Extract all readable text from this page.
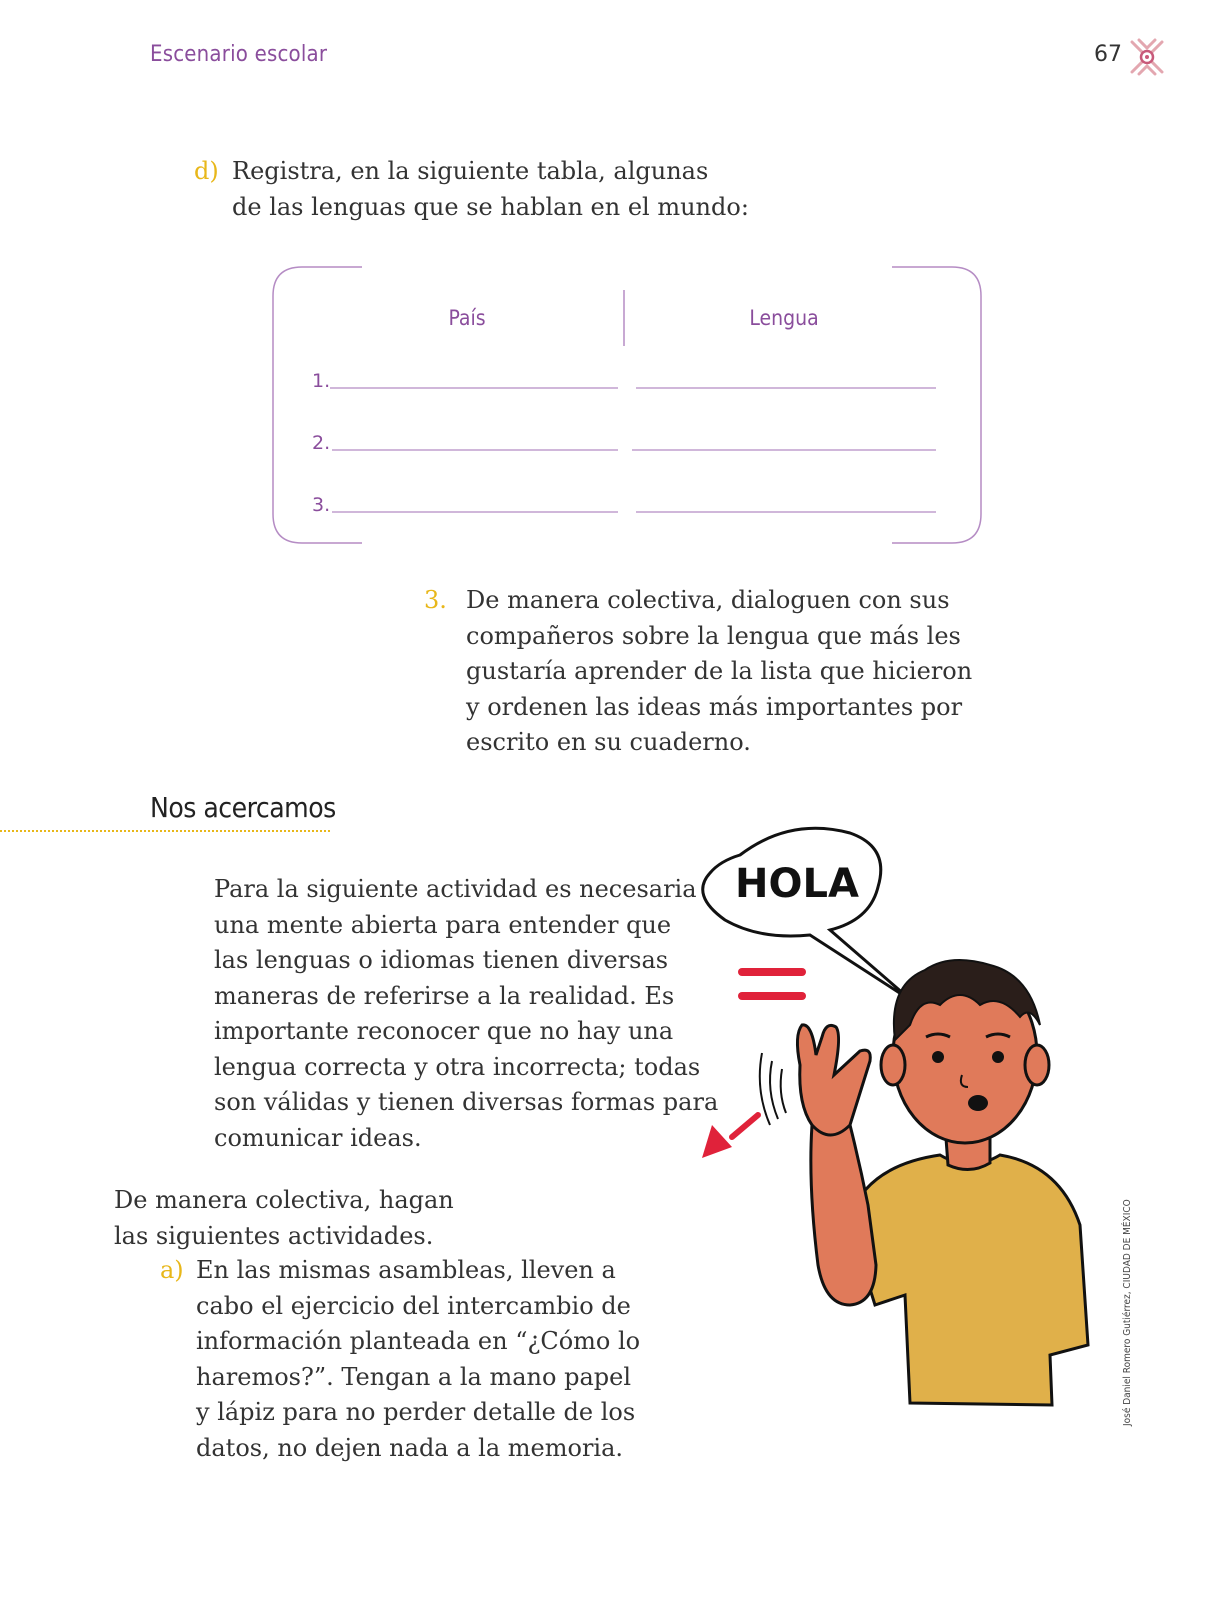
Escenario escolar	67
d) Registra, en la siguiente tabla, algunas
de las lenguas que se hablan en el mundo:
País	Lengua
1.
2.
3.
3. De manera colectiva, dialoguen con sus
compañeros sobre la lengua que más les
gustaría aprender de la lista que hicieron
y ordenen las ideas más importantes por
escrito en su cuaderno.
Nos acercamos
Para la siguiente actividad es necesaria
una mente abierta para entender que
las lenguas o idiomas tienen diversas
maneras de referirse a la realidad. Es
importante reconocer que no hay una
lengua correcta y otra incorrecta; todas
son válidas y tienen diversas formas para
comunicar ideas.
De manera colectiva, hagan
las siguientes actividades.
a) En las mismas asambleas, lleven a
cabo el ejercicio del intercambio de
información planteada en “¿Cómo lo
haremos?”. Tengan a la mano papel
y lápiz para no perder detalle de los
datos, no dejen nada a la memoria.
HOLA
José Daniel Romero Gutiérrez, CIUDAD DE MÉXICO
